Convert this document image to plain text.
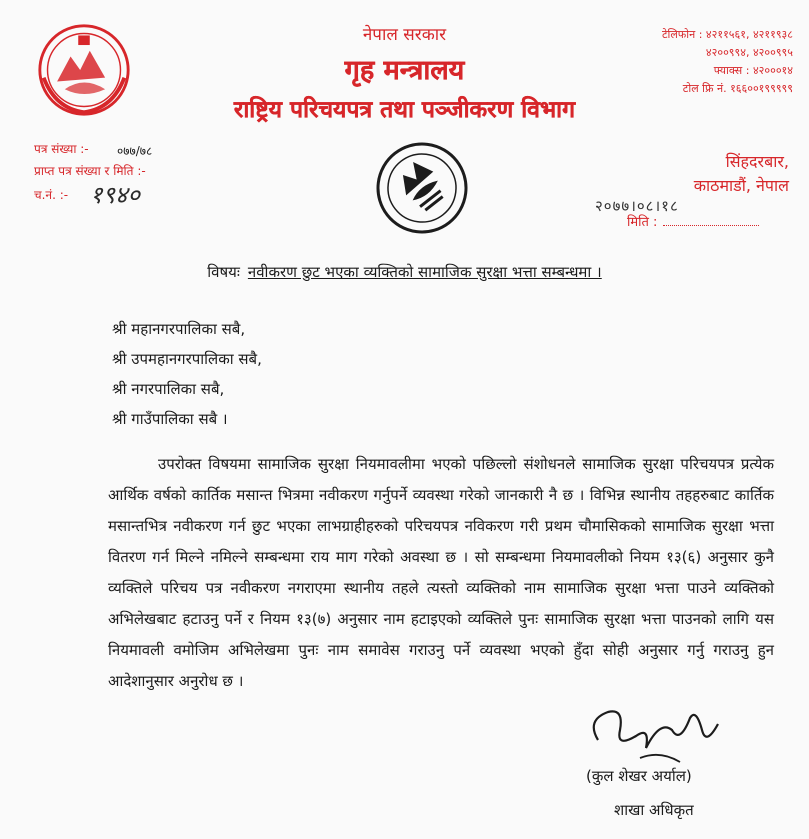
नेपाल सरकार
गृह मन्त्रालय
राष्ट्रिय परिचयपत्र तथा पञ्जीकरण विभाग
टेलिफोन : ४२११५६१, ४२११९३८
४२००९९४, ४२००९९५
फ्याक्स : ४२०००१४
टोल फ्रि नं. १६६००१९९९९९
पत्र संख्या :- ०७७/७८
प्राप्त पत्र संख्या र मिति :-
च.नं. :- १९४०
सिंहदरबार,
काठमाडौं, नेपाल
२०७७।०८।१८
मिति :
विषयः नवीकरण छुट भएका व्यक्तिको सामाजिक सुरक्षा भत्ता सम्बन्धमा ।
श्री महानगरपालिका सबै,
श्री उपमहानगरपालिका सबै,
श्री नगरपालिका सबै,
श्री गाउँपालिका सबै ।
उपरोक्त विषयमा सामाजिक सुरक्षा नियमावलीमा भएको पछिल्लो संशोधनले सामाजिक सुरक्षा परिचयपत्र प्रत्येक आर्थिक वर्षको कार्तिक मसान्त भित्रमा नवीकरण गर्नुपर्ने व्यवस्था गरेको जानकारी नै छ । विभिन्न स्थानीय तहहरुबाट कार्तिक मसान्तभित्र नवीकरण गर्न छुट भएका लाभग्राहीहरुको परिचयपत्र नविकरण गरी प्रथम चौमासिकको सामाजिक सुरक्षा भत्ता वितरण गर्न मिल्ने नमिल्ने सम्बन्धमा राय माग गरेको अवस्था छ । सो सम्बन्धमा नियमावलीको नियम १३(६) अनुसार कुनै व्यक्तिले परिचय पत्र नवीकरण नगराएमा स्थानीय तहले त्यस्तो व्यक्तिको नाम सामाजिक सुरक्षा भत्ता पाउने व्यक्तिको अभिलेखबाट हटाउनु पर्ने र नियम १३(७) अनुसार नाम हटाइएको व्यक्तिले पुनः सामाजिक सुरक्षा भत्ता पाउनको लागि यस नियमावली वमोजिम अभिलेखमा पुनः नाम समावेस गराउनु पर्ने व्यवस्था भएको हुँदा सोही अनुसार गर्नु गराउनु हुन आदेशानुसार अनुरोध छ ।
(कुल शेखर अर्याल)
शाखा अधिकृत
